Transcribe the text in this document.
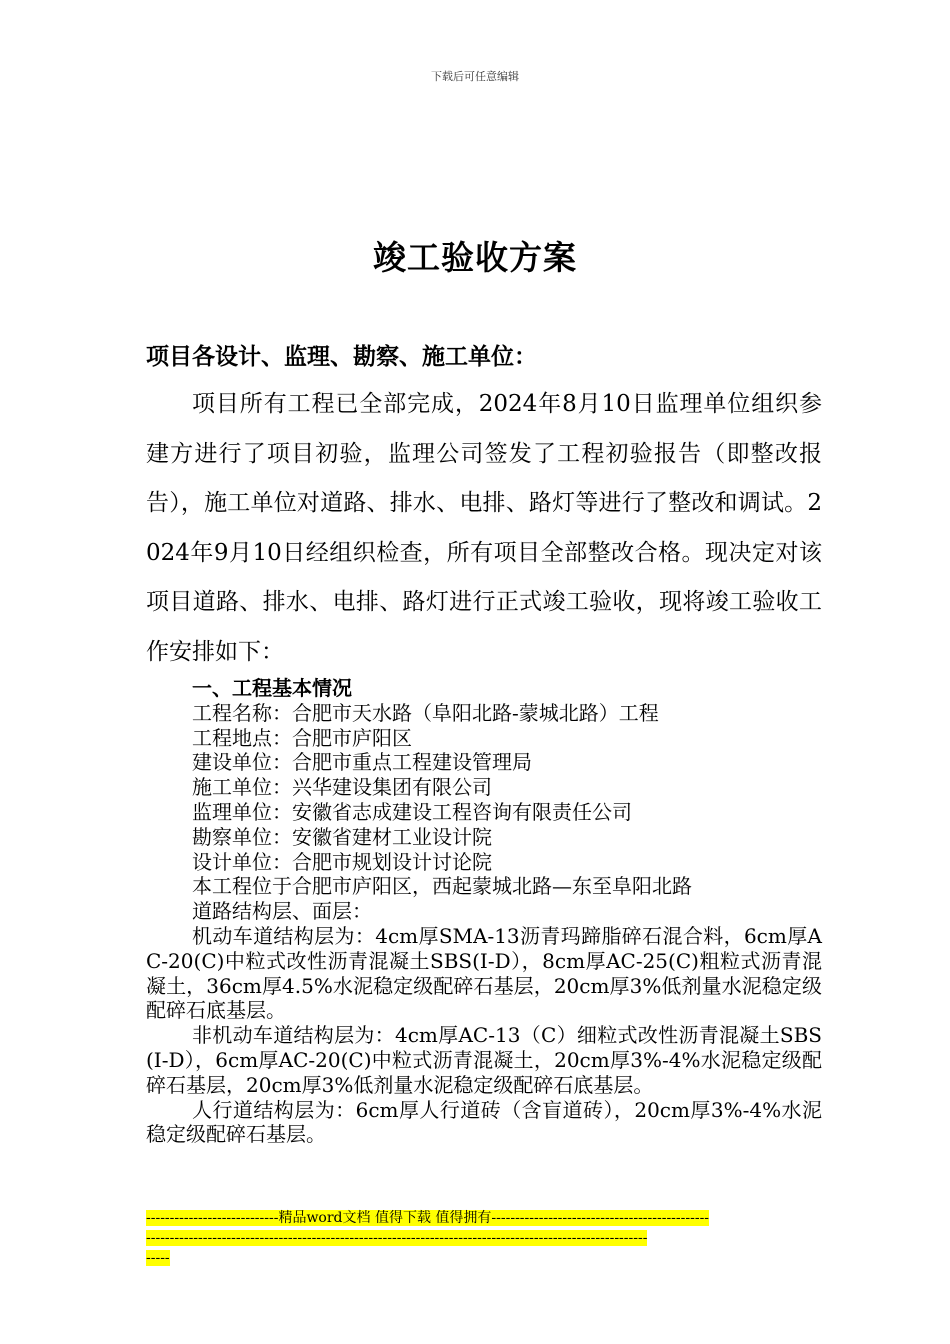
下载后可任意编辑
竣工验收方案
项目各设计、监理、勘察、施工单位：
项目所有工程已全部完成，2024年8月10日监理单位组织参建方进行了项目初验，监理公司签发了工程初验报告（即整改报告），施工单位对道路、排水、电排、路灯等进行了整改和调试。2024年9月10日经组织检查，所有项目全部整改合格。现决定对该项目道路、排水、电排、路灯进行正式竣工验收，现将竣工验收工作安排如下：
一、工程基本情况
工程名称：合肥市天水路（阜阳北路-蒙城北路）工程
工程地点：合肥市庐阳区
建设单位：合肥市重点工程建设管理局
施工单位：兴华建设集团有限公司
监理单位：安徽省志成建设工程咨询有限责任公司
勘察单位：安徽省建材工业设计院
设计单位：合肥市规划设计讨论院
本工程位于合肥市庐阳区，西起蒙城北路—东至阜阳北路
道路结构层、面层：
机动车道结构层为：4cm厚SMA-13沥青玛蹄脂碎石混合料，6cm厚AC-20(C)中粒式改性沥青混凝土SBS(I-D），8cm厚AC-25(C)粗粒式沥青混凝土，36cm厚4.5%水泥稳定级配碎石基层，20cm厚3%低剂量水泥稳定级配碎石底基层。
非机动车道结构层为：4cm厚AC-13（C）细粒式改性沥青混凝土SBS(I-D），6cm厚AC-20(C)中粒式沥青混凝土，20cm厚3%-4%水泥稳定级配碎石基层，20cm厚3%低剂量水泥稳定级配碎石底基层。
人行道结构层为：6cm厚人行道砖（含盲道砖），20cm厚3%-4%水泥稳定级配碎石基层。
----------------------------精品word文档 值得下载 值得拥有----------------------------------------------
----------------------------------------------------------------------------------------------------------
-----
